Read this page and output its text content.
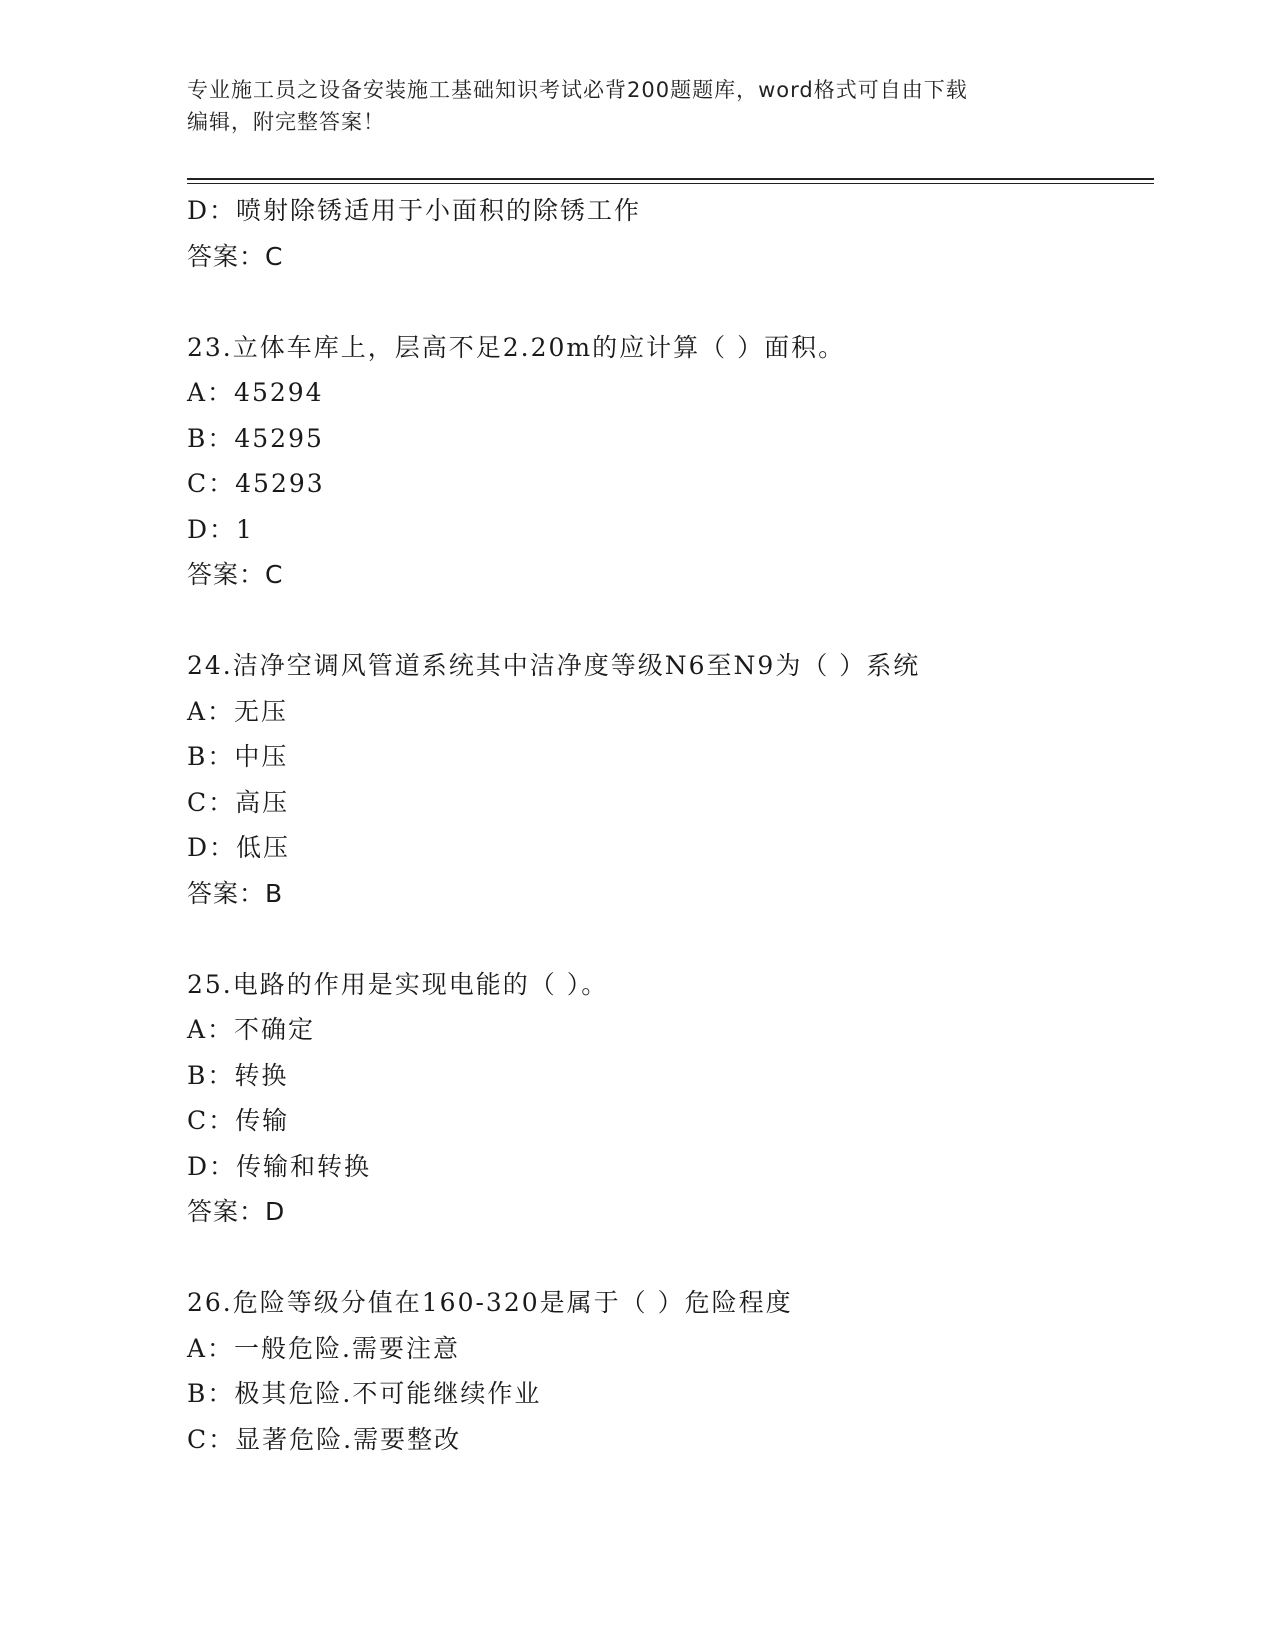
专业施工员之设备安装施工基础知识考试必背200题题库，word格式可自由下载
编辑，附完整答案！
D：喷射除锈适用于小面积的除锈工作
答案：C
23.立体车库上，层高不足2.20m的应计算（ ）面积。
A：45294
B：45295
C：45293
D：1
答案：C
24.洁净空调风管道系统其中洁净度等级N6至N9为（ ）系统
A：无压
B：中压
C：高压
D：低压
答案：B
25.电路的作用是实现电能的（ ）。
A：不确定
B：转换
C：传输
D：传输和转换
答案：D
26.危险等级分值在160-320是属于（ ）危险程度
A：一般危险.需要注意
B：极其危险.不可能继续作业
C：显著危险.需要整改
